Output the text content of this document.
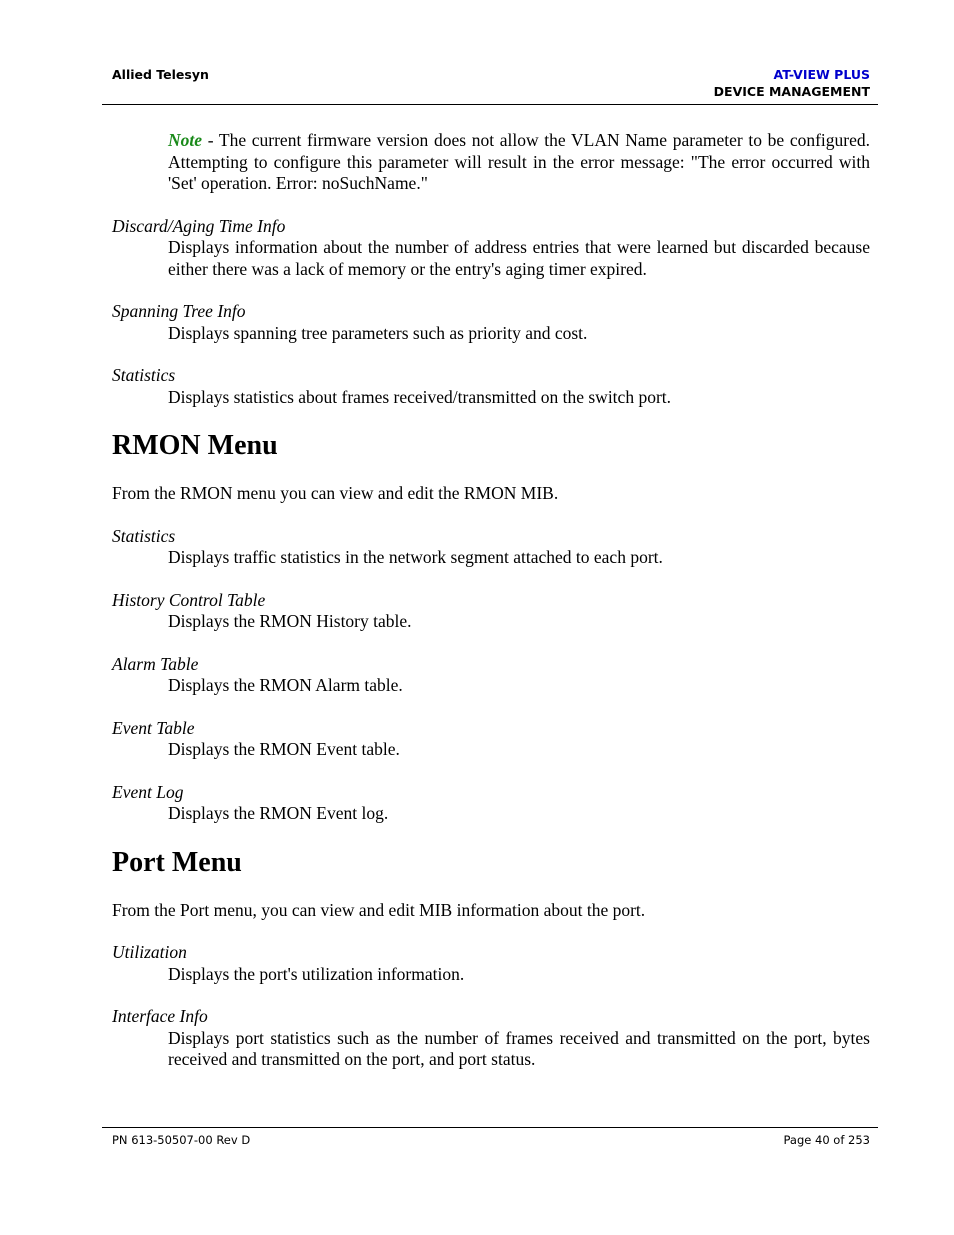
Allied Telesyn	AT-VIEW PLUS
DEVICE MANAGEMENT

Note - The current firmware version does not allow the VLAN Name parameter to be configured. Attempting to configure this parameter will result in the error message: "The error occurred with 'Set' operation. Error: noSuchName."

Discard/Aging Time Info

Displays information about the number of address entries that were learned but discarded because either there was a lack of memory or the entry's aging timer expired.

Spanning Tree Info

Displays spanning tree parameters such as priority and cost.

Statistics

Displays statistics about frames received/transmitted on the switch port.

RMON Menu

From the RMON menu you can view and edit the RMON MIB.

Statistics

Displays traffic statistics in the network segment attached to each port.

History Control Table

Displays the RMON History table.

Alarm Table

Displays the RMON Alarm table.

Event Table

Displays the RMON Event table.

Event Log

Displays the RMON Event log.

Port Menu

From the Port menu, you can view and edit MIB information about the port.

Utilization

Displays the port's utilization information.

Interface Info

Displays port statistics such as the number of frames received and transmitted on the port, bytes received and transmitted on the port, and port status.

PN 613-50507-00 Rev D	Page 40 of 253
